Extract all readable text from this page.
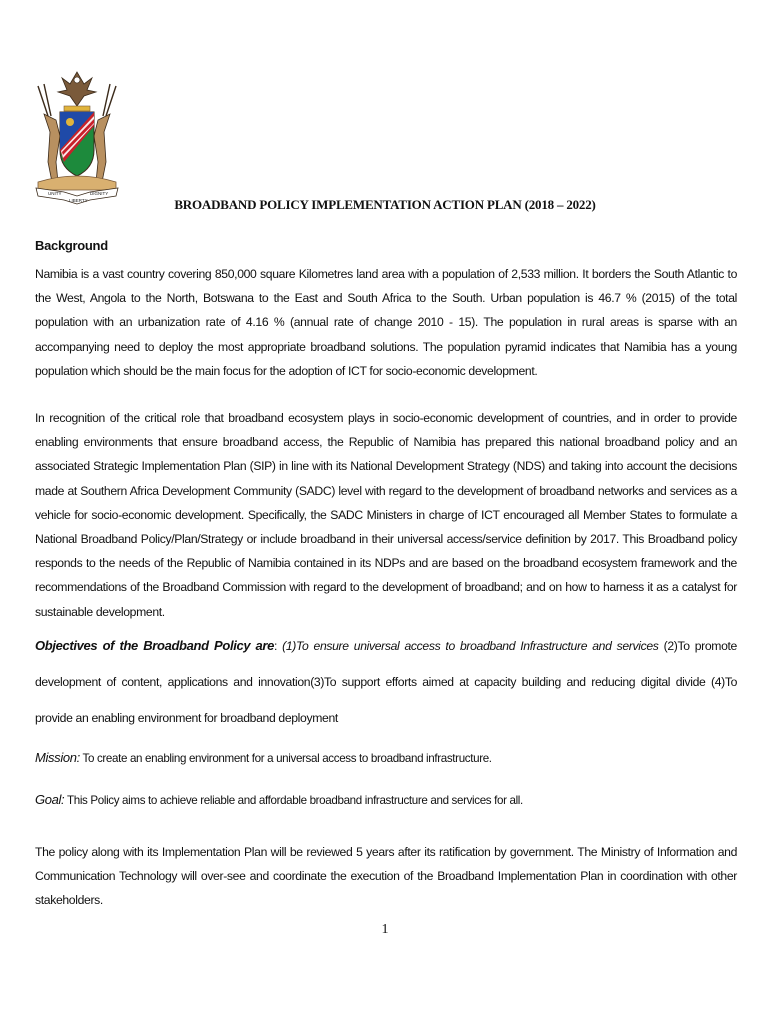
UNITY	DIGNITY
LIBERTY	BROADBAND POLICY IMPLEMENTATION ACTION PLAN (2018 – 2022)
Background
Namibia is a vast country covering 850,000 square Kilometres land area with a population of 2,533 million. It borders the South Atlantic to the West, Angola to the North, Botswana to the East and South Africa to the South. Urban population is 46.7 % (2015) of the total population with an urbanization rate of 4.16 % (annual rate of change 2010 - 15). The population in rural areas is sparse with an accompanying need to deploy the most appropriate broadband solutions. The population pyramid indicates that Namibia has a young population which should be the main focus for the adoption of ICT for socio-economic development.
In recognition of the critical role that broadband ecosystem plays in socio-economic development of countries, and in order to provide enabling environments that ensure broadband access, the Republic of Namibia has prepared this national broadband policy and an associated Strategic Implementation Plan (SIP) in line with its National Development Strategy (NDS) and taking into account the decisions made at Southern Africa Development Community (SADC) level with regard to the development of broadband networks and services as a vehicle for socio-economic development. Specifically, the SADC Ministers in charge of ICT encouraged all Member States to formulate a National Broadband Policy/Plan/Strategy or include broadband in their universal access/service definition by 2017. This Broadband policy responds to the needs of the Republic of Namibia contained in its NDPs and are based on the broadband ecosystem framework and the recommendations of the Broadband Commission with regard to the development of broadband; and on how to harness it as a catalyst for sustainable development.
Objectives of the Broadband Policy are: (1)To ensure universal access to broadband Infrastructure and services (2)To promote development of content, applications and innovation(3)To support efforts aimed at capacity building and reducing digital divide (4)To provide an enabling environment for broadband deployment
Mission: To create an enabling environment for a universal access to broadband infrastructure.
Goal: This Policy aims to achieve reliable and affordable broadband infrastructure and services for all.
The policy along with its Implementation Plan will be reviewed 5 years after its ratification by government. The Ministry of Information and Communication Technology will over-see and coordinate the execution of the Broadband Implementation Plan in coordination with other stakeholders.
1
